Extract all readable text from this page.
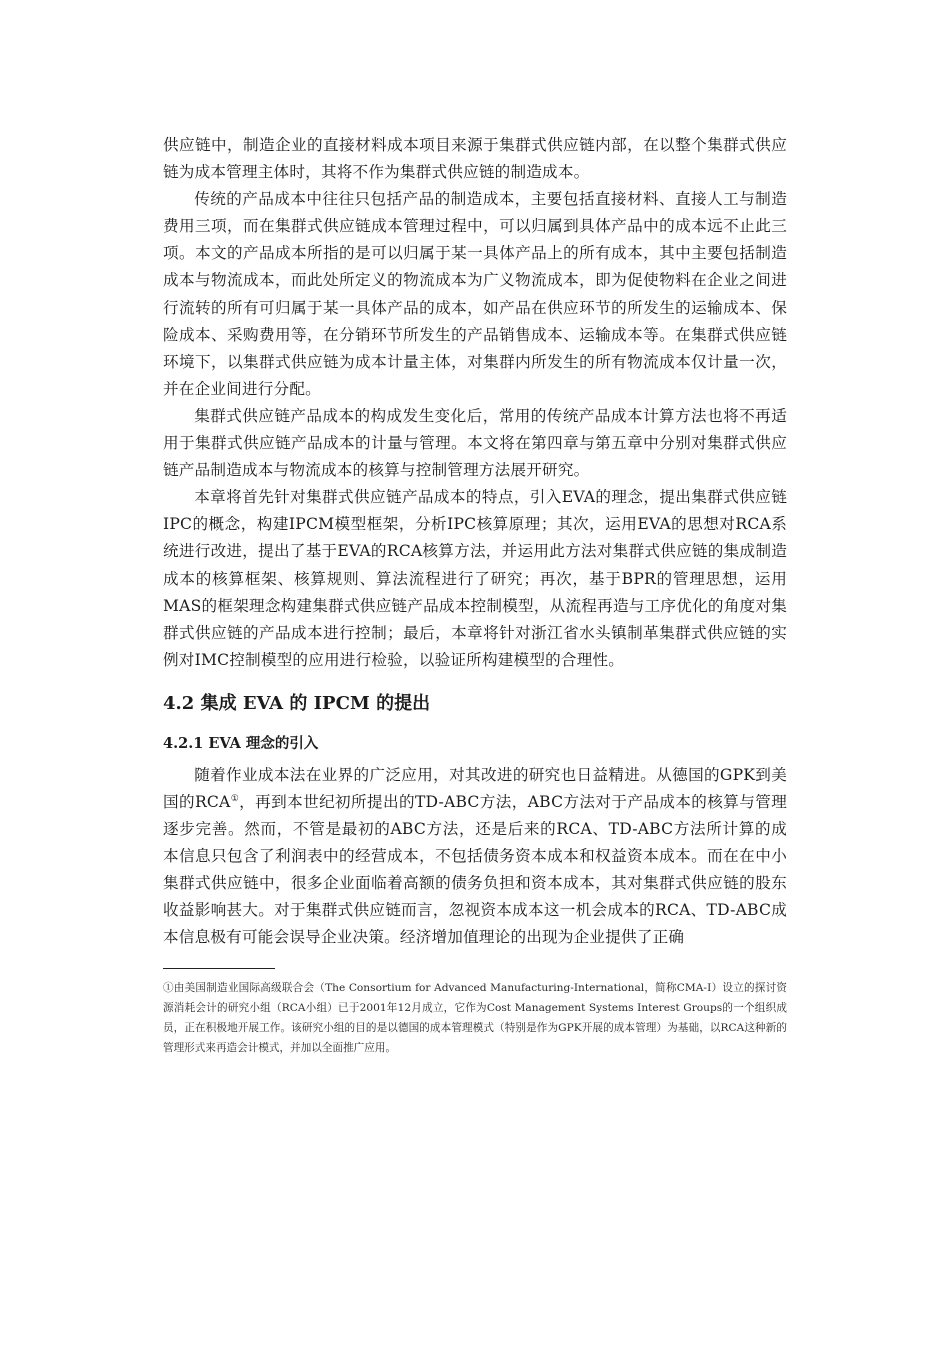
供应链中，制造企业的直接材料成本项目来源于集群式供应链内部，在以整个集群式供应链为成本管理主体时，其将不作为集群式供应链的制造成本。

传统的产品成本中往往只包括产品的制造成本，主要包括直接材料、直接人工与制造费用三项，而在集群式供应链成本管理过程中，可以归属到具体产品中的成本远不止此三项。本文的产品成本所指的是可以归属于某一具体产品上的所有成本，其中主要包括制造成本与物流成本，而此处所定义的物流成本为广义物流成本，即为促使物料在企业之间进行流转的所有可归属于某一具体产品的成本，如产品在供应环节的所发生的运输成本、保险成本、采购费用等，在分销环节所发生的产品销售成本、运输成本等。在集群式供应链环境下，以集群式供应链为成本计量主体，对集群内所发生的所有物流成本仅计量一次，并在企业间进行分配。

集群式供应链产品成本的构成发生变化后，常用的传统产品成本计算方法也将不再适用于集群式供应链产品成本的计量与管理。本文将在第四章与第五章中分别对集群式供应链产品制造成本与物流成本的核算与控制管理方法展开研究。

本章将首先针对集群式供应链产品成本的特点，引入EVA的理念，提出集群式供应链IPC的概念，构建IPCM模型框架，分析IPC核算原理；其次，运用EVA的思想对RCA系统进行改进，提出了基于EVA的RCA核算方法，并运用此方法对集群式供应链的集成制造成本的核算框架、核算规则、算法流程进行了研究；再次，基于BPR的管理思想，运用MAS的框架理念构建集群式供应链产品成本控制模型，从流程再造与工序优化的角度对集群式供应链的产品成本进行控制；最后，本章将针对浙江省水头镇制革集群式供应链的实例对IMC控制模型的应用进行检验，以验证所构建模型的合理性。

4.2 集成 EVA 的 IPCM 的提出
4.2.1 EVA 理念的引入

随着作业成本法在业界的广泛应用，对其改进的研究也日益精进。从德国的GPK到美国的RCA①，再到本世纪初所提出的TD-ABC方法，ABC方法对于产品成本的核算与管理逐步完善。然而，不管是最初的ABC方法，还是后来的RCA、TD-ABC方法所计算的成本信息只包含了利润表中的经营成本，不包括债务资本成本和权益资本成本。而在在中小集群式供应链中，很多企业面临着高额的债务负担和资本成本，其对集群式供应链的股东收益影响甚大。对于集群式供应链而言，忽视资本成本这一机会成本的RCA、TD-ABC成本信息极有可能会误导企业决策。经济增加值理论的出现为企业提供了正确

①由美国制造业国际高级联合会（The Consortium for Advanced Manufacturing-International，简称CMA-Ⅰ）设立的探讨资源消耗会计的研究小组（RCA小组）已于2001年12月成立，它作为Cost Management Systems Interest Groups的一个组织成员，正在积极地开展工作。该研究小组的目的是以德国的成本管理模式（特别是作为GPK开展的成本管理）为基础，以RCA这种新的管理形式来再造会计模式，并加以全面推广应用。
